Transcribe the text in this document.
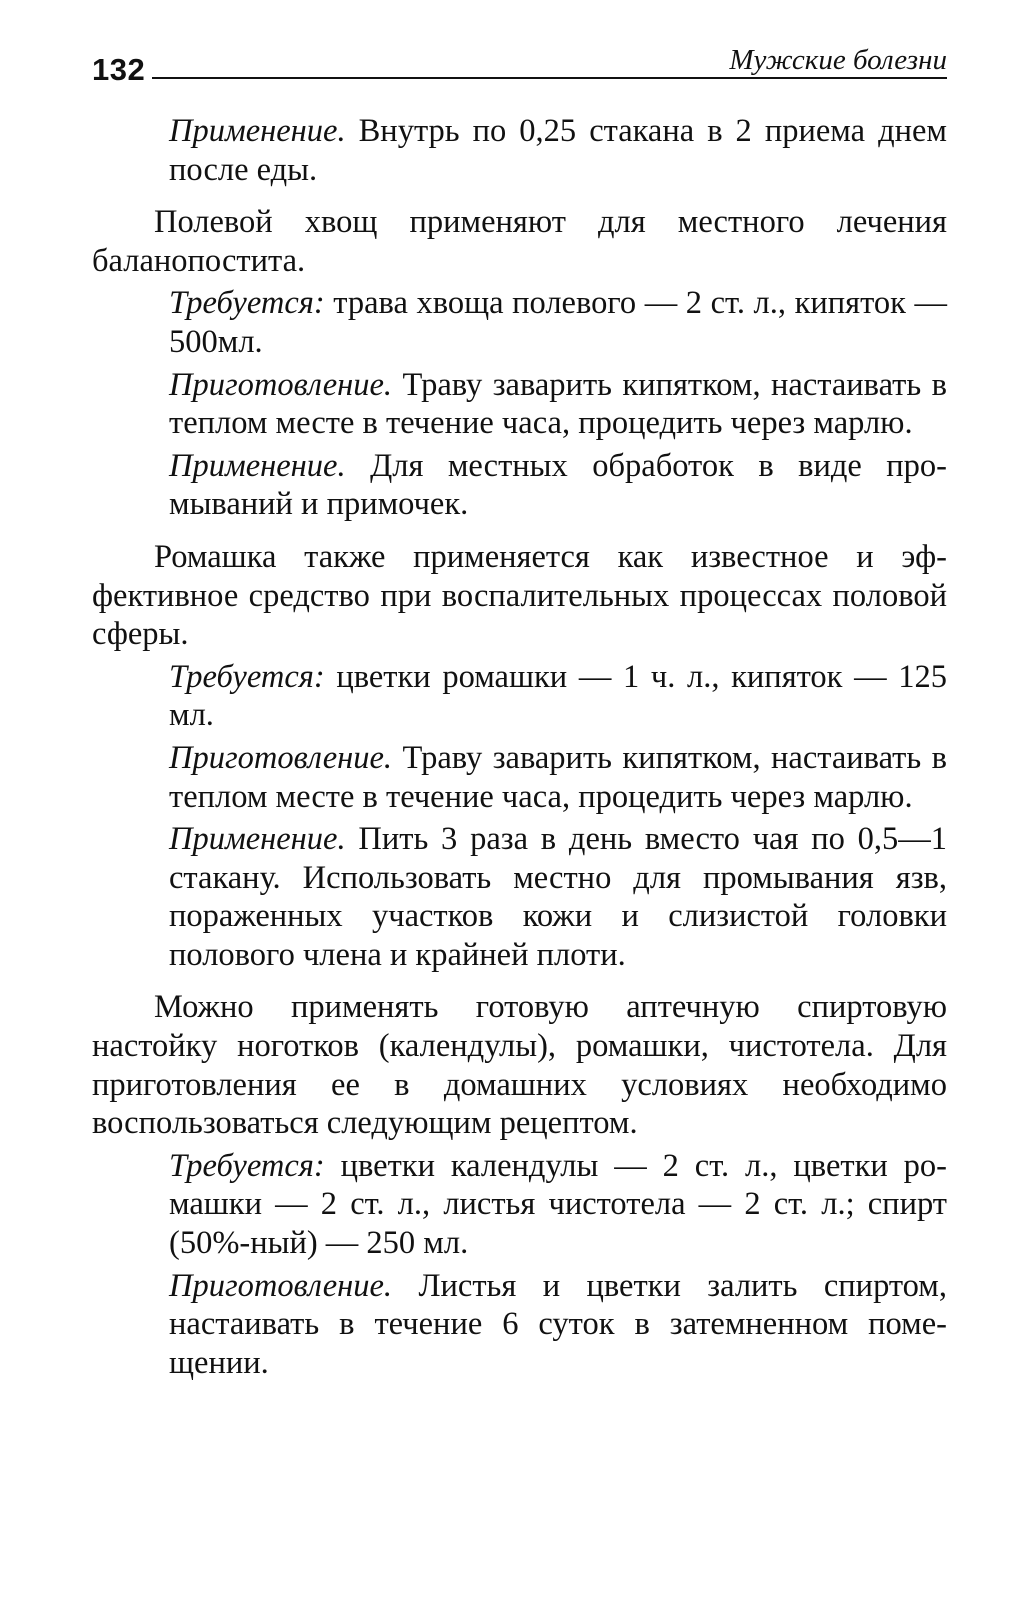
132	Мужские болезни

Применение. Внутрь по 0,25 стакана в 2 приема днем после еды.

Полевой хвощ применяют для местного лечения баланопостита.

Требуется: трава хвоща полевого — 2 ст. л., кипяток — 500мл.

Приготовление. Траву заварить кипятком, настаивать в теплом месте в течение часа, процедить через марлю.

Применение. Для местных обработок в виде промываний и примочек.

Ромашка также применяется как известное и эффективное средство при воспалительных процессах половой сферы.

Требуется: цветки ромашки — 1 ч. л., кипяток — 125 мл.

Приготовление. Траву заварить кипятком, настаивать в теплом месте в течение часа, процедить через марлю.

Применение. Пить 3 раза в день вместо чая по 0,5—1 стакану. Использовать местно для промывания язв, пораженных участков кожи и слизистой головки полового члена и крайней плоти.

Можно применять готовую аптечную спиртовую настойку ноготков (календулы), ромашки, чистотела. Для приготовления ее в домашних условиях необходимо воспользоваться следующим рецептом.

Требуется: цветки календулы — 2 ст. л., цветки ромашки — 2 ст. л., листья чистотела — 2 ст. л.; спирт (50%-ный) — 250 мл.

Приготовление. Листья и цветки залить спиртом, настаивать в течение 6 суток в затемненном помещении.
